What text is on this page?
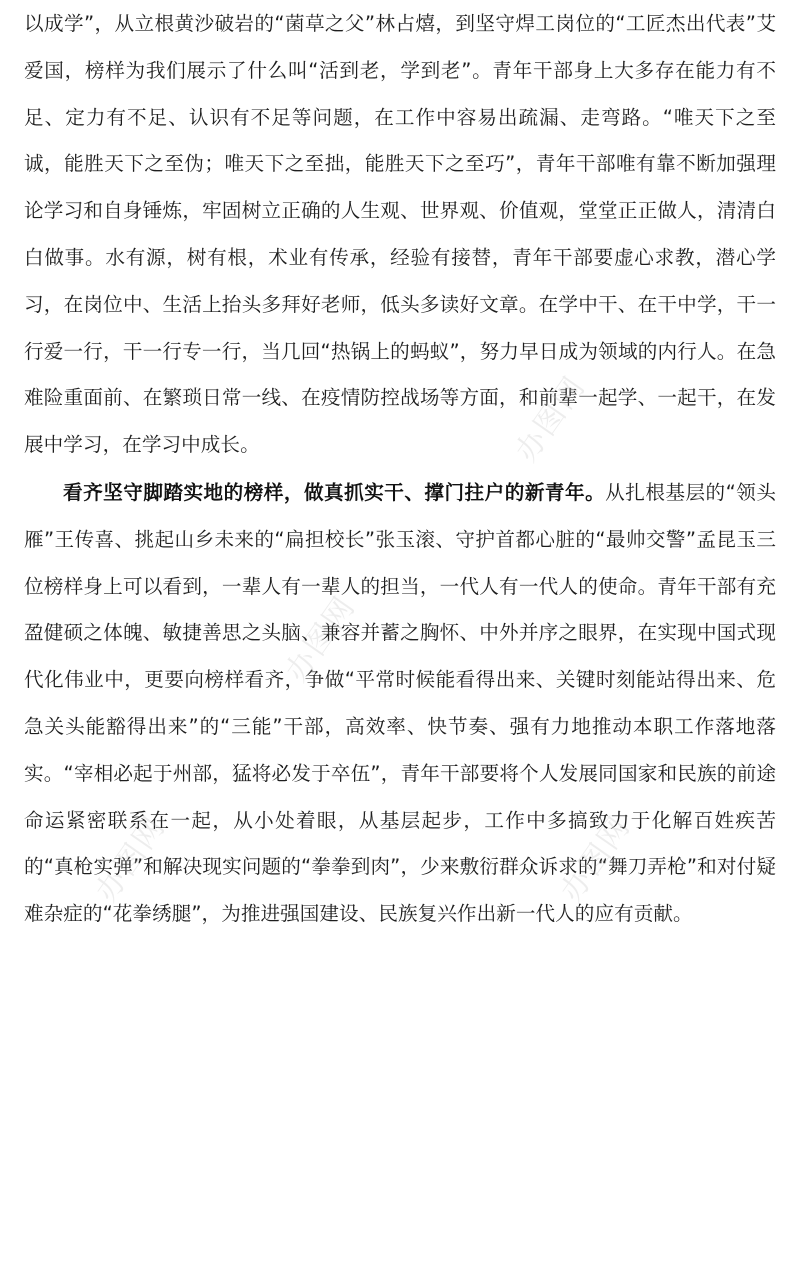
以成学”，从立根黄沙破岩的“菌草之父”林占熺，到坚守焊工岗位的“工匠杰出代表”艾爱国，榜样为我们展示了什么叫“活到老，学到老”。青年干部身上大多存在能力有不足、定力有不足、认识有不足等问题，在工作中容易出疏漏、走弯路。“唯天下之至诚，能胜天下之至伪；唯天下之至拙，能胜天下之至巧”，青年干部唯有靠不断加强理论学习和自身锤炼，牢固树立正确的人生观、世界观、价值观，堂堂正正做人，清清白白做事。水有源，树有根，术业有传承，经验有接替，青年干部要虚心求教，潜心学习，在岗位中、生活上抬头多拜好老师，低头多读好文章。在学中干、在干中学，干一行爱一行，干一行专一行，当几回“热锅上的蚂蚁”，努力早日成为领域的内行人。在急难险重面前、在繁琐日常一线、在疫情防控战场等方面，和前辈一起学、一起干，在发展中学习，在学习中成长。

看齐坚守脚踏实地的榜样，做真抓实干、撑门拄户的新青年。从扎根基层的“领头雁”王传喜、挑起山乡未来的“扁担校长”张玉滚、守护首都心脏的“最帅交警”孟昆玉三位榜样身上可以看到，一辈人有一辈人的担当，一代人有一代人的使命。青年干部有充盈健硕之体魄、敏捷善思之头脑、兼容并蓄之胸怀、中外并序之眼界，在实现中国式现代化伟业中，更要向榜样看齐，争做“平常时候能看得出来、关键时刻能站得出来、危急关头能豁得出来”的“三能”干部，高效率、快节奏、强有力地推动本职工作落地落实。“宰相必起于州部，猛将必发于卒伍”，青年干部要将个人发展同国家和民族的前途命运紧密联系在一起，从小处着眼，从基层起步，工作中多搞致力于化解百姓疾苦的“真枪实弹”和解决现实问题的“拳拳到肉”，少来敷衍群众诉求的“舞刀弄枪”和对付疑难杂症的“花拳绣腿”，为推进强国建设、民族复兴作出新一代人的应有贡献。

办图网
办图网
办图网	办图网
